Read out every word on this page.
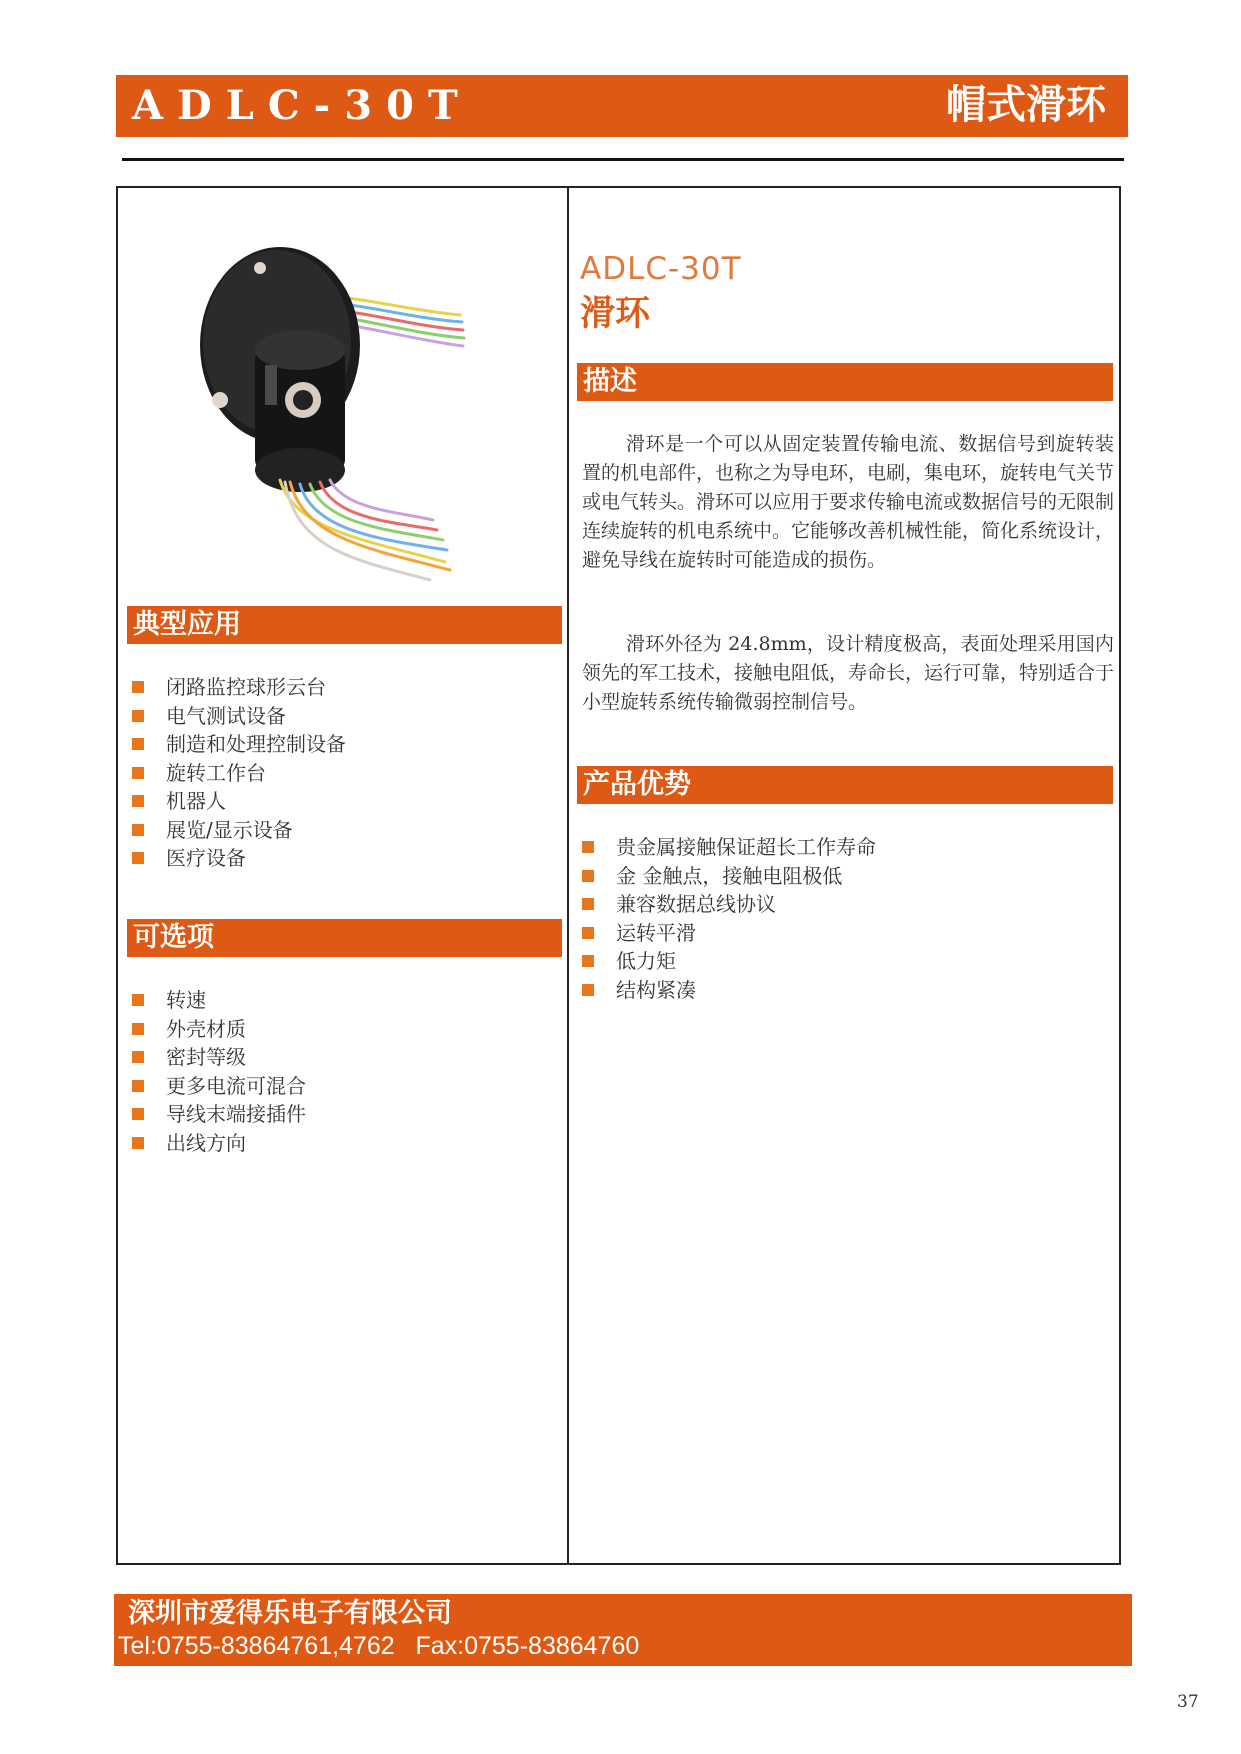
ADLC-30T	帽式滑环
典型应用
闭路监控球形云台
电气测试设备
制造和处理控制设备
旋转工作台
机器人
展览/显示设备
医疗设备
可选项
转速
外壳材质
密封等级
更多电流可混合
导线末端接插件
出线方向
ADLC-30T
滑环
描述

滑环是一个可以从固定装置传输电流、数据信号到旋转装置的机电部件，也称之为导电环，电刷，集电环，旋转电气关节或电气转头。滑环可以应用于要求传输电流或数据信号的无限制连续旋转的机电系统中。它能够改善机械性能，简化系统设计，避免导线在旋转时可能造成的损伤。

滑环外径为 24.8mm，设计精度极高，表面处理采用国内领先的军工技术，接触电阻低，寿命长，运行可靠，特别适合于小型旋转系统传输微弱控制信号。

产品优势
贵金属接触保证超长工作寿命
金 金触点，接触电阻极低
兼容数据总线协议
运转平滑
低力矩
结构紧凑
深圳市爱得乐电子有限公司
Tel:0755-83864761,4762   Fax:0755-83864760
37
